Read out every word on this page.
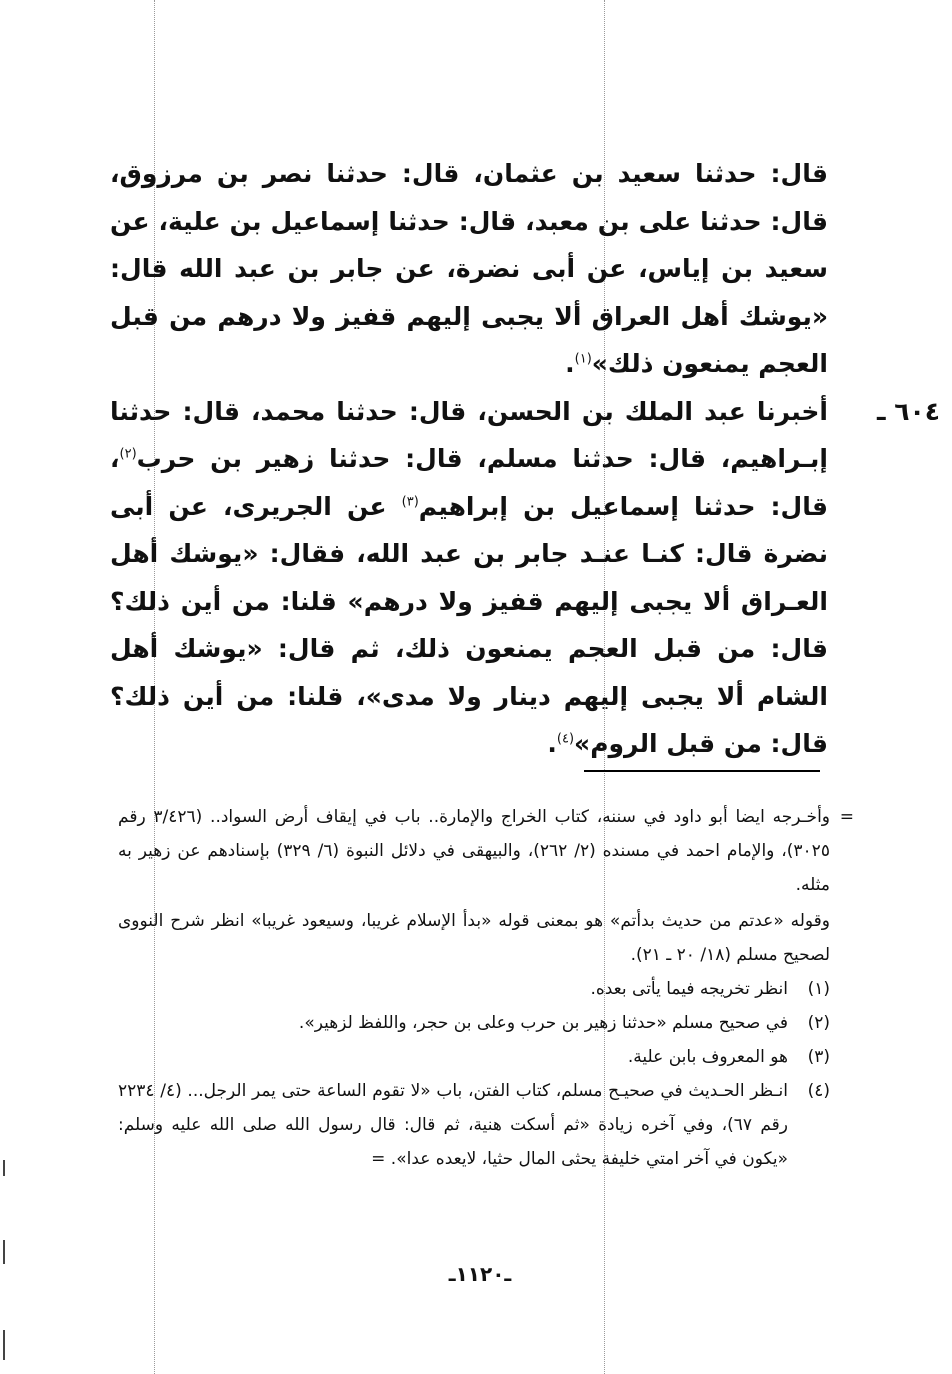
قال: حدثنا سعيد بن عثمان، قال: حدثنا نصر بن مرزوق، قال: حدثنا على بن معبد، قال: حدثنا إسماعيل بن علية، عن سعيد بن إياس، عن أبى نضرة، عن جابر بن عبد الله قال: «يوشك أهل العراق ألا يجبى إليهم قفيز ولا درهم من قبل العجم يمنعون ذلك»$^{(١)}$.

٦٠٤ ـ

أخبرنا عبد الملك بن الحسن، قال: حدثنا محمد، قال: حدثنا إبـراهيم، قال: حدثنا مسلم، قال: حدثنا زهير بن حرب$^{(٢)}$، قال: حدثنا إسماعيل بن إبراهيم$^{(٣)}$ عن الجريرى، عن أبى نضرة قال: كنـا عنـد جابر بن عبد الله، فقال: «يوشك أهل العـراق ألا يجبى إليهم قفيز ولا درهم» قلنا: من أين ذلك؟ قال: من قبل العجم يمنعون ذلك، ثم قال: «يوشك أهل الشام ألا يجبى إليهم دينار ولا مدى»، قلنا: من أين ذلك؟ قال: من قبل الروم»$^{(٤)}$.

=
وأخـرجه ايضا أبو داود في سننه، كتاب الخراج والإمارة.. باب في إيقاف أرض السواد.. (٣/٤٢٦ رقم ٣٠٢٥)، والإمام احمد في مسنده (٢/ ٢٦٢)، والبيهقى في دلائل النبوة (٦/ ٣٢٩) بإسنادهم عن زهير به مثله.
وقوله «عدتم من حديث بدأتم» هو بمعنى قوله «بدأ الإسلام غريبا، وسيعود غريبا» انظر شرح النووى لصحيح مسلم (١٨/ ٢٠ ـ ٢١).
(١)
انظر تخريجه فيما يأتى بعده.
(٢)
في صحيح مسلم «حدثنا زهير بن حرب وعلى بن حجر، واللفظ لزهير».
(٣)
هو المعروف بابن علية.
(٤)
انـظر الحـديث في صحيـح مسلم، كتاب الفتن، باب «لا تقوم الساعة حتى يمر الرجل... (٤/ ٢٢٣٤ رقم ٦٧)، وفي آخره زيادة «ثم أسكت هنية، ثم قال: قال رسول الله صلى الله عليه وسلم: «يكون في آخر امتي خليفة يحثى المال حثيا، لايعده عدا». =
ـ١١٢٠ـ
